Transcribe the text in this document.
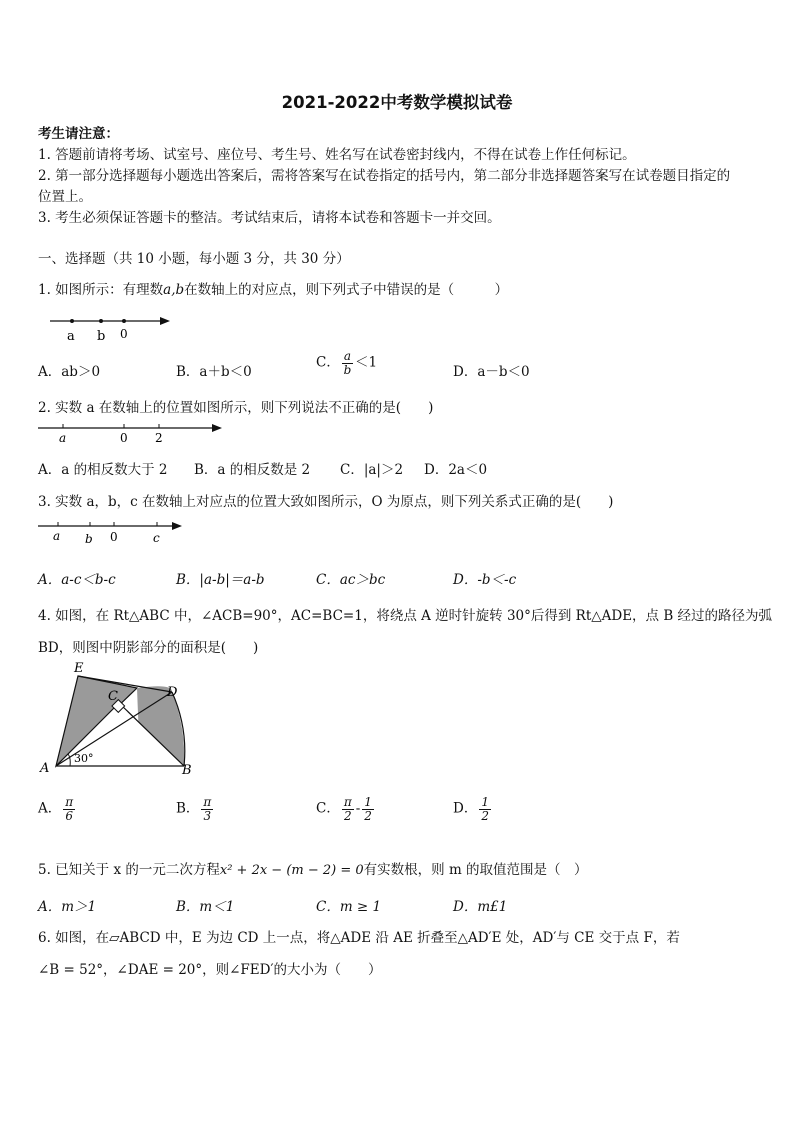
2021-2022中考数学模拟试卷
考生请注意：
1. 答题前请将考场、试室号、座位号、考生号、姓名写在试卷密封线内，不得在试卷上作任何标记。
2. 第一部分选择题每小题选出答案后，需将答案写在试卷指定的括号内，第二部分非选择题答案写在试卷题目指定的
位置上。
3. 考生必须保证答题卡的整洁。考试结束后，请将本试卷和答题卡一并交回。
一、选择题（共 10 小题，每小题 3 分，共 30 分）
1. 如图所示：有理数a,b在数轴上的对应点，则下列式子中错误的是（　　　）
a b 0
A．ab＞0	B．a＋b＜0
C． $\frac{a}{b} <1$
D．a－b＜0
2. 实数 a 在数轴上的位置如图所示，则下列说法不正确的是(　　)
a	0 2
A．a 的相反数大于 2 B．a 的相反数是 2 C．|a|＞2 D．2a＜0
3. 实数 a，b，c 在数轴上对应点的位置大致如图所示，O 为原点，则下列关系式正确的是(　　)
a b 0	c
A．a-c＜b-c	B．|a-b|＝a-b	C．ac＞bc	D．-b＜-c
4. 如图，在 Rt△ABC 中，∠ACB=90°，AC=BC=1，将绕点 A 逆时针旋转 30°后得到 Rt△ADE，点 B 经过的路径为弧
BD，则图中阴影部分的面积是(　　)
E
C	D
A	B
30°
A． $\frac{\pi}{6}$	B． $\frac{\pi}{3}$	C． $\frac{\pi}{2} - \frac{1}{2}$	D． $\frac{1}{2}$
5. 已知关于 x 的一元二次方程x² + 2x − (m − 2) = 0有实数根，则 m 的取值范围是（　）
A．m＞1	B．m＜1	C．m ≥ 1	D．m£1
6. 如图，在▱ABCD 中，E 为边 CD 上一点，将△ADE 沿 AE 折叠至△AD′E 处，AD′与 CE 交于点 F，若
∠B = 52°，∠DAE = 20°，则∠FED′的大小为（　　）
